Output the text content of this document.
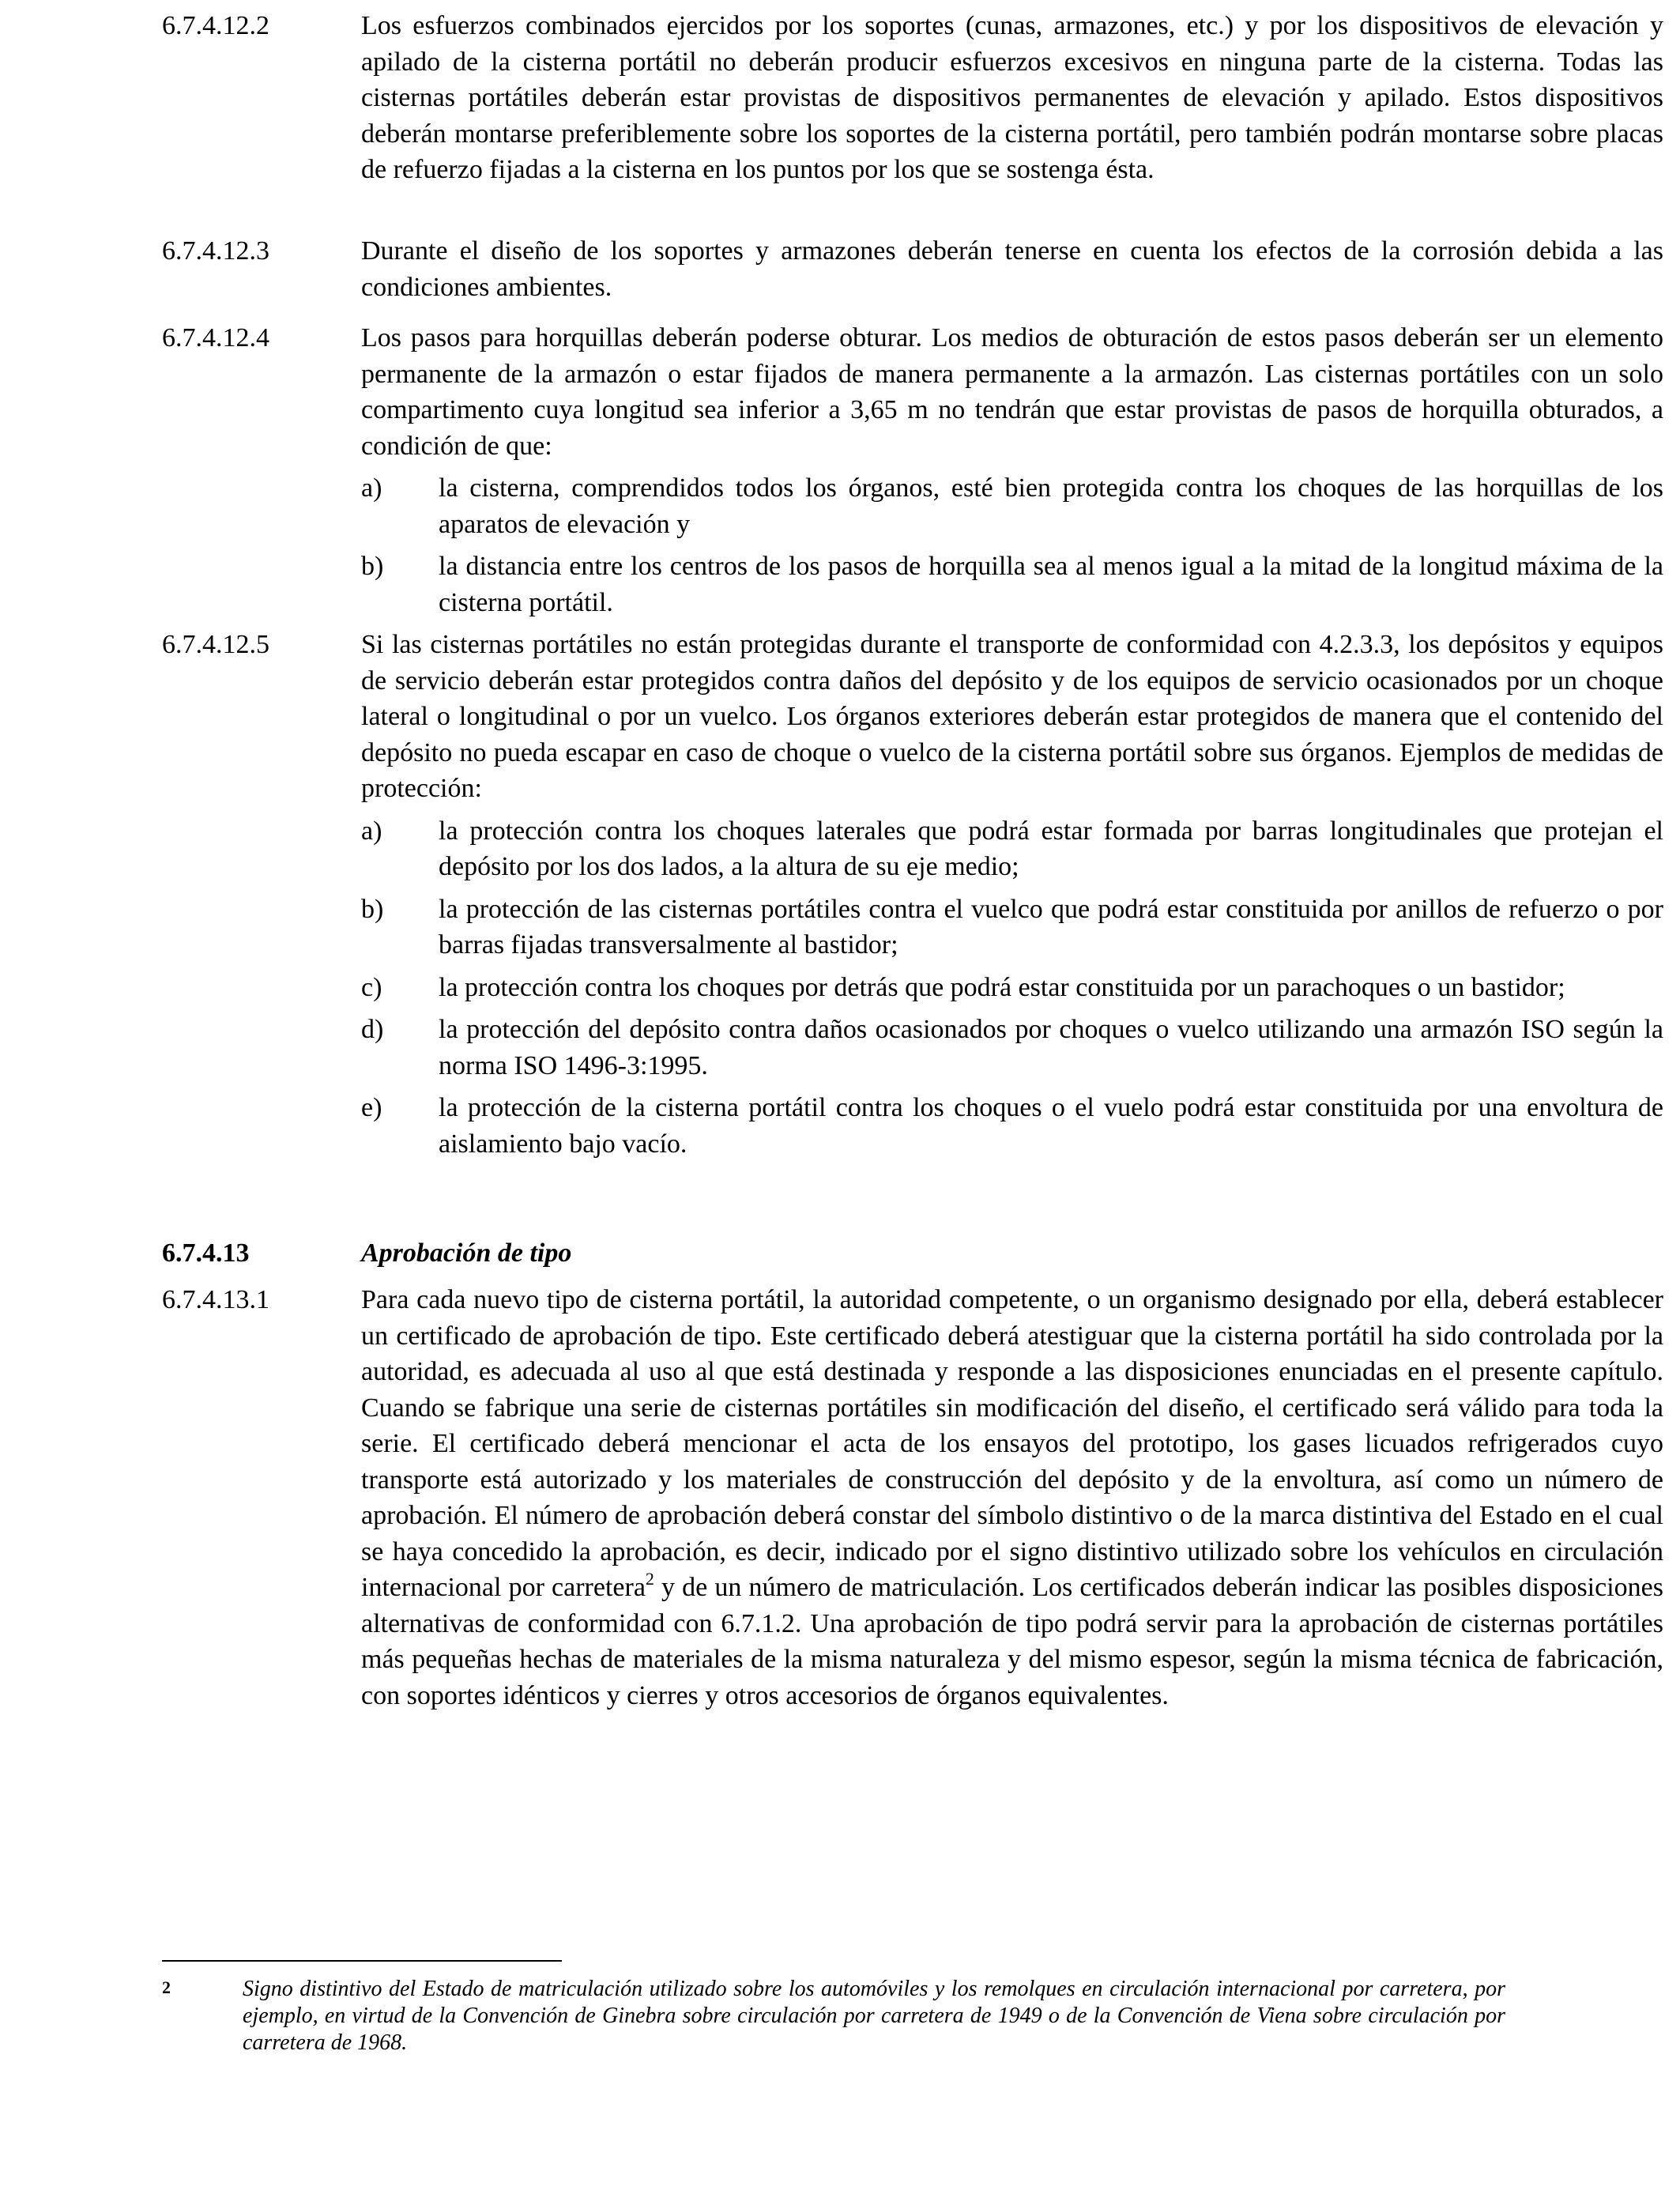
6.7.4.12.2	Los esfuerzos combinados ejercidos por los soportes (cunas, armazones, etc.) y por los dispositivos de elevación y apilado de la cisterna portátil no deberán producir esfuerzos excesivos en ninguna parte de la cisterna. Todas las cisternas portátiles deberán estar provistas de dispositivos permanentes de elevación y apilado. Estos dispositivos deberán montarse preferiblemente sobre los soportes de la cisterna portátil, pero también podrán montarse sobre placas de refuerzo fijadas a la cisterna en los puntos por los que se sostenga ésta.

6.7.4.12.3	Durante el diseño de los soportes y armazones deberán tenerse en cuenta los efectos de la corrosión debida a las condiciones ambientes.

6.7.4.12.4	Los pasos para horquillas deberán poderse obturar. Los medios de obturación de estos pasos deberán ser un elemento permanente de la armazón o estar fijados de manera permanente a la armazón. Las cisternas portátiles con un solo compartimento cuya longitud sea inferior a 3,65 m no tendrán que estar provistas de pasos de horquilla obturados, a condición de que:

a) la cisterna, comprendidos todos los órganos, esté bien protegida contra los choques de las horquillas de los aparatos de elevación y
b) la distancia entre los centros de los pasos de horquilla sea al menos igual a la mitad de la longitud máxima de la cisterna portátil.
6.7.4.12.5	Si las cisternas portátiles no están protegidas durante el transporte de conformidad con 4.2.3.3, los depósitos y equipos de servicio deberán estar protegidos contra daños del depósito y de los equipos de servicio ocasionados por un choque lateral o longitudinal o por un vuelco. Los órganos exteriores deberán estar protegidos de manera que el contenido del depósito no pueda escapar en caso de choque o vuelco de la cisterna portátil sobre sus órganos. Ejemplos de medidas de protección:

a) la protección contra los choques laterales que podrá estar formada por barras longitudinales que protejan el depósito por los dos lados, a la altura de su eje medio;
b) la protección de las cisternas portátiles contra el vuelco que podrá estar constituida por anillos de refuerzo o por barras fijadas transversalmente al bastidor;
c) la protección contra los choques por detrás que podrá estar constituida por un parachoques o un bastidor;
d) la protección del depósito contra daños ocasionados por choques o vuelco utilizando una armazón ISO según la norma ISO 1496-3:1995.
e) la protección de la cisterna portátil contra los choques o el vuelo podrá estar constituida por una envoltura de aislamiento bajo vacío.
6.7.4.13	Aprobación de tipo

6.7.4.13.1	Para cada nuevo tipo de cisterna portátil, la autoridad competente, o un organismo designado por ella, deberá establecer un certificado de aprobación de tipo. Este certificado deberá atestiguar que la cisterna portátil ha sido controlada por la autoridad, es adecuada al uso al que está destinada y responde a las disposiciones enunciadas en el presente capítulo. Cuando se fabrique una serie de cisternas portátiles sin modificación del diseño, el certificado será válido para toda la serie. El certificado deberá mencionar el acta de los ensayos del prototipo, los gases licuados refrigerados cuyo transporte está autorizado y los materiales de construcción del depósito y de la envoltura, así como un número de aprobación. El número de aprobación deberá constar del símbolo distintivo o de la marca distintiva del Estado en el cual se haya concedido la aprobación, es decir, indicado por el signo distintivo utilizado sobre los vehículos en circulación internacional por carretera$^2$ y de un número de matriculación. Los certificados deberán indicar las posibles disposiciones alternativas de conformidad con 6.7.1.2. Una aprobación de tipo podrá servir para la aprobación de cisternas portátiles más pequeñas hechas de materiales de la misma naturaleza y del mismo espesor, según la misma técnica de fabricación, con soportes idénticos y cierres y otros accesorios de órganos equivalentes.

2	Signo distintivo del Estado de matriculación utilizado sobre los automóviles y los remolques en circulación internacional por carretera, por ejemplo, en virtud de la Convención de Ginebra sobre circulación por carretera de 1949 o de la Convención de Viena sobre circulación por carretera de 1968.
